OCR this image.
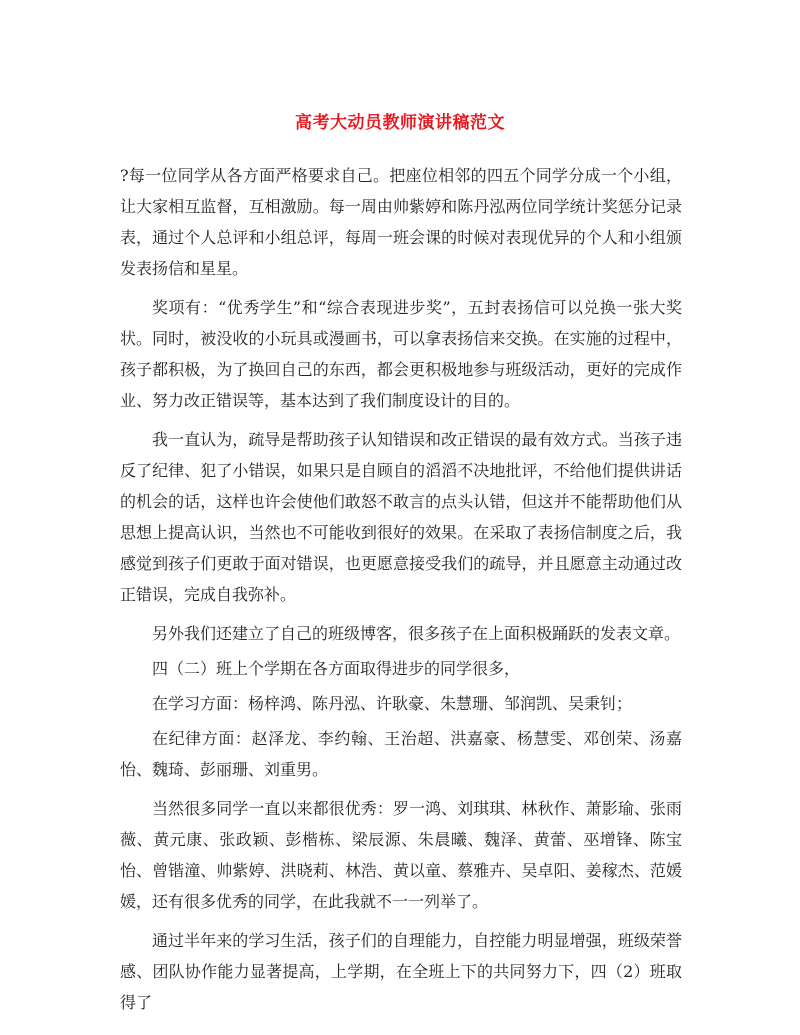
高考大动员教师演讲稿范文

?每一位同学从各方面严格要求自己。把座位相邻的四五个同学分成一个小组，让大家相互监督，互相激励。每一周由帅紫婷和陈丹泓两位同学统计奖惩分记录表，通过个人总评和小组总评，每周一班会课的时候对表现优异的个人和小组颁发表扬信和星星。

奖项有：“优秀学生”和“综合表现进步奖”，五封表扬信可以兑换一张大奖状。同时，被没收的小玩具或漫画书，可以拿表扬信来交换。在实施的过程中，孩子都积极，为了换回自己的东西，都会更积极地参与班级活动，更好的完成作业、努力改正错误等，基本达到了我们制度设计的目的。

我一直认为，疏导是帮助孩子认知错误和改正错误的最有效方式。当孩子违反了纪律、犯了小错误，如果只是自顾自的滔滔不决地批评，不给他们提供讲话的机会的话，这样也许会使他们敢怒不敢言的点头认错，但这并不能帮助他们从思想上提高认识，当然也不可能收到很好的效果。在采取了表扬信制度之后，我感觉到孩子们更敢于面对错误，也更愿意接受我们的疏导，并且愿意主动通过改正错误，完成自我弥补。

另外我们还建立了自己的班级博客，很多孩子在上面积极踊跃的发表文章。

四（二）班上个学期在各方面取得进步的同学很多，

在学习方面：杨梓鸿、陈丹泓、许耿豪、朱慧珊、邹润凯、吴秉钊；

在纪律方面：赵泽龙、李约翰、王治超、洪嘉豪、杨慧雯、邓创荣、汤嘉怡、魏琦、彭丽珊、刘重男。

当然很多同学一直以来都很优秀：罗一鸿、刘琪琪、林秋作、萧影瑜、张雨薇、黄元康、张政颖、彭楷栋、梁辰源、朱晨曦、魏泽、黄蕾、巫增锋、陈宝怡、曾锴潼、帅紫婷、洪晓莉、林浩、黄以童、蔡雅卉、吴卓阳、姜稼杰、范媛媛，还有很多优秀的同学，在此我就不一一列举了。

通过半年来的学习生活，孩子们的自理能力，自控能力明显增强，班级荣誉感、团队协作能力显著提高，上学期，在全班上下的共同努力下，四（2）班取得了
